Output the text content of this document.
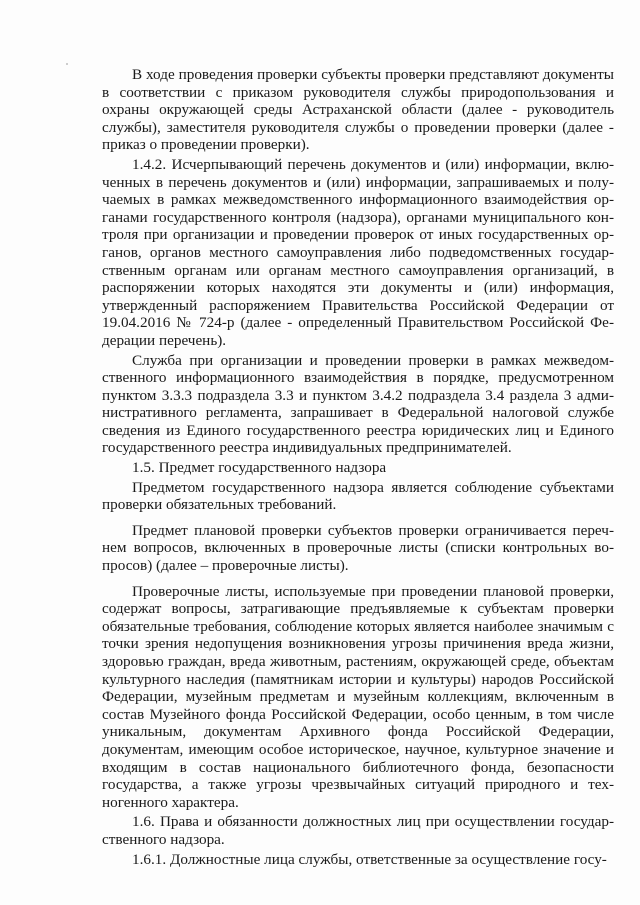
В ходе проведения проверки субъекты проверки представляют документы в соответствии с приказом руководителя службы природопользования и охраны окружающей среды Астраханской области (далее - руководитель службы), заместителя руководителя службы о проведении проверки (далее - приказ о проведении проверки).

1.4.2. Исчерпывающий перечень документов и (или) информации, включенных в перечень документов и (или) информации, запрашиваемых и получаемых в рамках межведомственного информационного взаимодействия органами государственного контроля (надзора), органами муниципального контроля при организации и проведении проверок от иных государственных органов, органов местного самоуправления либо подведомственных государственным органам или органам местного самоуправления организаций, в распоряжении которых находятся эти документы и (или) информация, утвержденный распоряжением Правительства Российской Федерации от 19.04.2016 № 724-р (далее - определенный Правительством Российской Федерации перечень).

Служба при организации и проведении проверки в рамках межведомственного информационного взаимодействия в порядке, предусмотренном пунктом 3.3.3 подраздела 3.3 и пунктом 3.4.2 подраздела 3.4 раздела 3 административного регламента, запрашивает в Федеральной налоговой службе сведения из Единого государственного реестра юридических лиц и Единого государственного реестра индивидуальных предпринимателей.

1.5. Предмет государственного надзора

Предметом государственного надзора является соблюдение субъектами проверки обязательных требований.

Предмет плановой проверки субъектов проверки ограничивается перечнем вопросов, включенных в проверочные листы (списки контрольных вопросов) (далее – проверочные листы).

Проверочные листы, используемые при проведении плановой проверки, содержат вопросы, затрагивающие предъявляемые к субъектам проверки обязательные требования, соблюдение которых является наиболее значимым с точки зрения недопущения возникновения угрозы причинения вреда жизни, здоровью граждан, вреда животным, растениям, окружающей среде, объектам культурного наследия (памятникам истории и культуры) народов Российской Федерации, музейным предметам и музейным коллекциям, включенным в состав Музейного фонда Российской Федерации, особо ценным, в том числе уникальным, документам Архивного фонда Российской Федерации, документам, имеющим особое историческое, научное, культурное значение и входящим в состав национального библиотечного фонда, безопасности государства, а также угрозы чрезвычайных ситуаций природного и техногенного характера.

1.6. Права и обязанности должностных лиц при осуществлении государственного надзора.

1.6.1. Должностные лица службы, ответственные за осуществление госу-
